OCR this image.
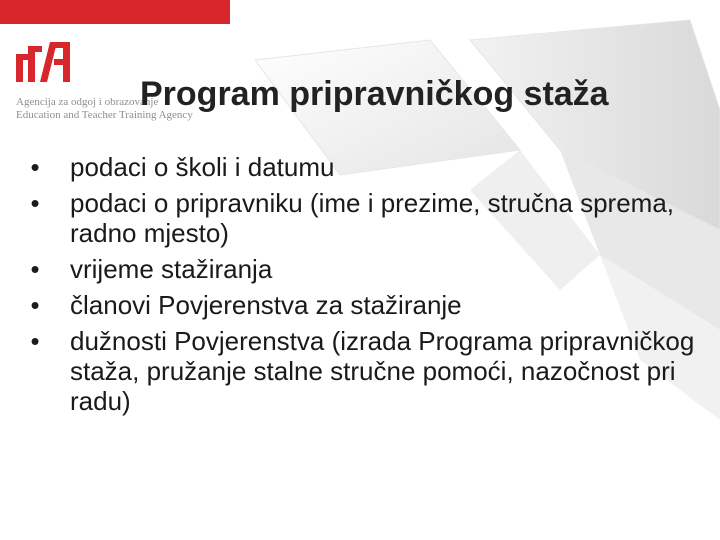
Agencija za odgoj i obrazovanje
Education and Teacher Training Agency
Program pripravničkog staža
• podaci o školi i datumu
• podaci o pripravniku (ime i prezime, stručna sprema, radno mjesto)
• vrijeme stažiranja
• članovi Povjerenstva za stažiranje
• dužnosti Povjerenstva (izrada Programa pripravničkog staža, pružanje stalne stručne pomoći, nazočnost pri radu)
